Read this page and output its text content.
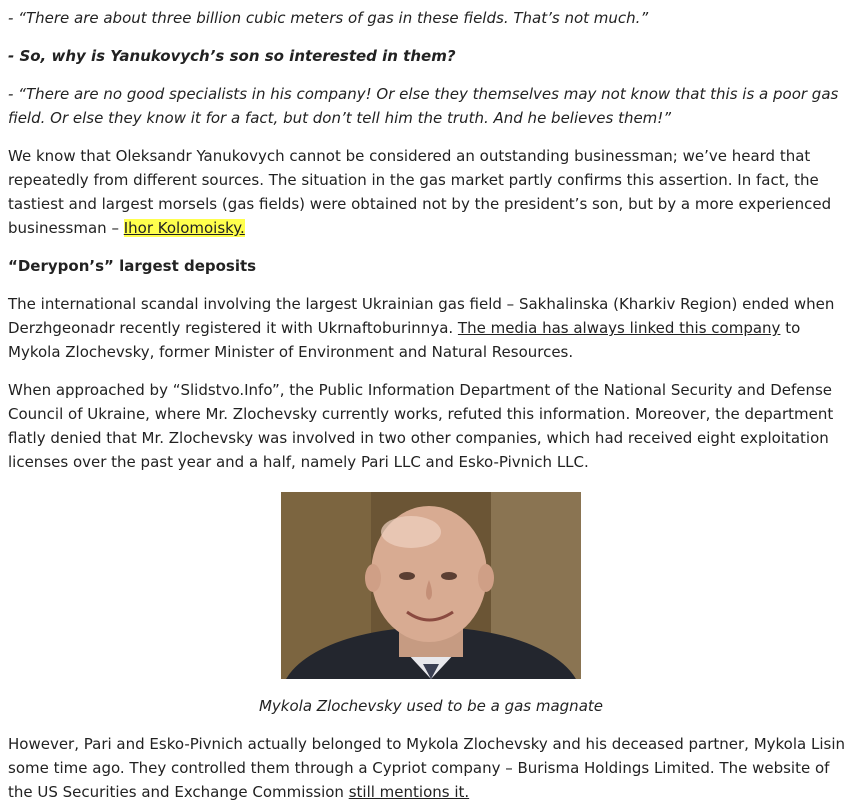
- “There are about three billion cubic meters of gas in these fields. That’s not much.”

- So, why is Yanukovych’s son so interested in them?

- “There are no good specialists in his company! Or else they themselves may not know that this is a poor gas field. Or else they know it for a fact, but don’t tell him the truth. And he believes them!”

We know that Oleksandr Yanukovych cannot be considered an outstanding businessman; we’ve heard that repeatedly from different sources. The situation in the gas market partly confirms this assertion. In fact, the tastiest and largest morsels (gas fields) were obtained not by the president’s son, but by a more experienced businessman – Ihor Kolomoisky.

“Derypon’s” largest deposits

The international scandal involving the largest Ukrainian gas field – Sakhalinska (Kharkiv Region) ended when Derzhgeonadr recently registered it with Ukrnaftoburinnya. The media has always linked this company to Mykola Zlochevsky, former Minister of Environment and Natural Resources.

When approached by “Slidstvo.Info”, the Public Information Department of the National Security and Defense Council of Ukraine, where Mr. Zlochevsky currently works, refuted this information. Moreover, the department flatly denied that Mr. Zlochevsky was involved in two other companies, which had received eight exploitation licenses over the past year and a half, namely Pari LLC and Esko-Pivnich LLC.

Mykola Zlochevsky used to be a gas magnate

However, Pari and Esko-Pivnich actually belonged to Mykola Zlochevsky and his deceased partner, Mykola Lisin some time ago. They controlled them through a Cypriot company – Burisma Holdings Limited. The website of the US Securities and Exchange Commission still mentions it.
